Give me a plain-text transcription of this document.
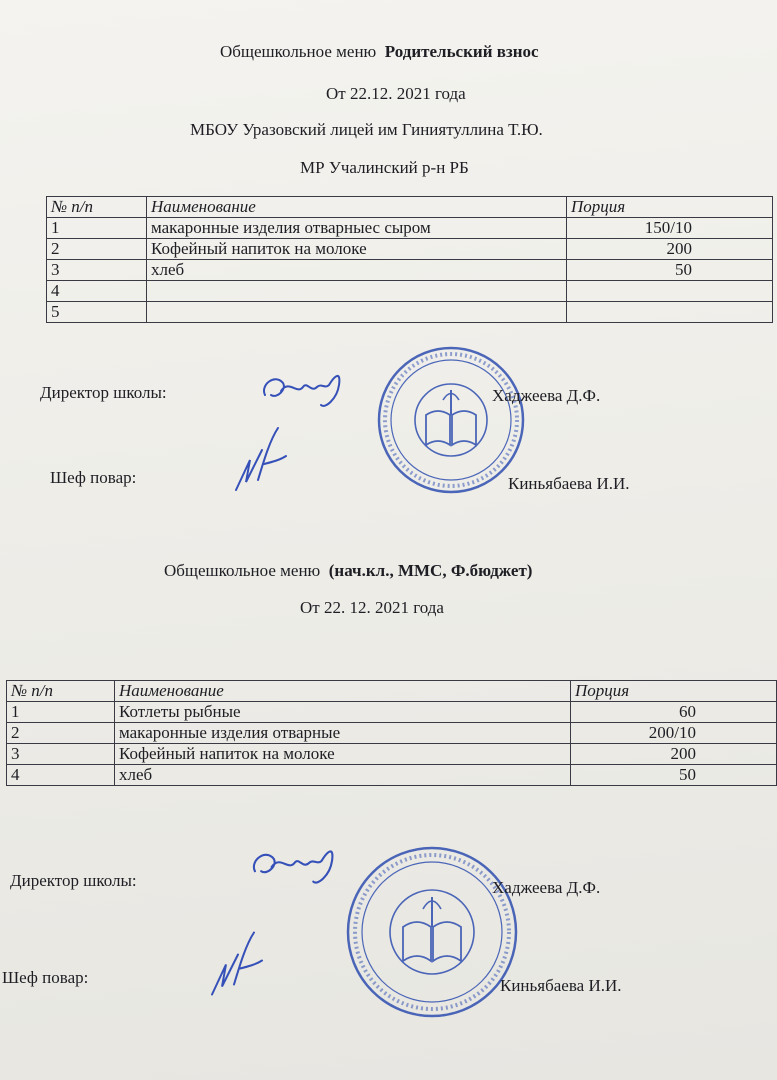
Общешкольное меню Родительский взнос
От 22.12. 2021 года
МБОУ Уразовский лицей им Гиниятуллина Т.Ю.
МР Учалинский р-н РБ
№ п/п	Наименование	Порция
1	макаронные изделия отварныес сыром	150/10
2	Кофейный напиток на молоке	200
3	хлеб	50
4		
5		
Директор школы:	Хаджеева Д.Ф.
Шеф повар:	Киньябаева И.И.
Общешкольное меню (нач.кл., ММС, Ф.бюджет)
От 22. 12. 2021 года
№ п/п	Наименование	Порция
1	Котлеты рыбные	60
2	макаронные изделия отварные	200/10
3	Кофейный напиток на молоке	200
4	хлеб	50
Директор школы:	Хаджеева Д.Ф.
Шеф повар:	Киньябаева И.И.
